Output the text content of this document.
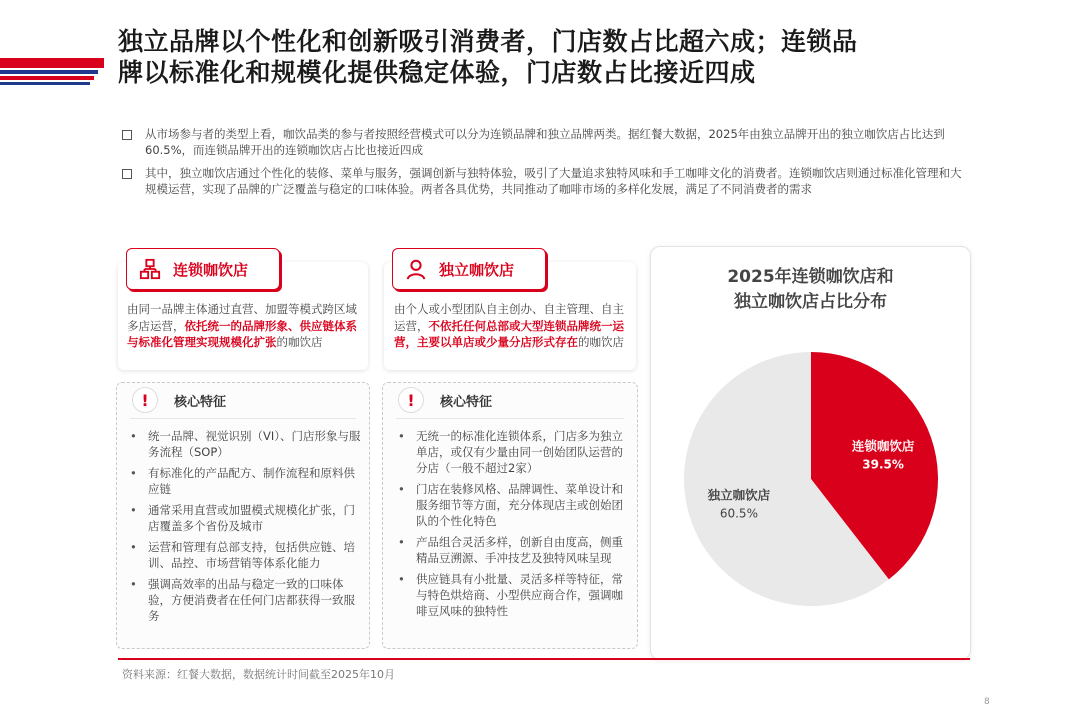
独立品牌以个性化和创新吸引消费者，门店数占比超六成；连锁品
牌以标准化和规模化提供稳定体验，门店数占比接近四成
从市场参与者的类型上看，咖饮品类的参与者按照经营模式可以分为连锁品牌和独立品牌两类。据红餐大数据，2025年由独立品牌开出的独立咖饮店占比达到60.5%，而连锁品牌开出的连锁咖饮店占比也接近四成
其中，独立咖饮店通过个性化的装修、菜单与服务，强调创新与独特体验，吸引了大量追求独特风味和手工咖啡文化的消费者。连锁咖饮店则通过标准化管理和大规模运营，实现了品牌的广泛覆盖与稳定的口味体验。两者各具优势，共同推动了咖啡市场的多样化发展，满足了不同消费者的需求
连锁咖饮店
由同一品牌主体通过直营、加盟等模式跨区域多店运营，依托统一的品牌形象、供应链体系与标准化管理实现规模化扩张的咖饮店
!	核心特征
• 统一品牌、视觉识别（VI）、门店形象与服务流程（SOP）
• 有标准化的产品配方、制作流程和原料供应链
• 通常采用直营或加盟模式规模化扩张，门店覆盖多个省份及城市
• 运营和管理有总部支持，包括供应链、培训、品控、市场营销等体系化能力
• 强调高效率的出品与稳定一致的口味体验，方便消费者在任何门店都获得一致服务
独立咖饮店
由个人或小型团队自主创办、自主管理、自主运营，不依托任何总部或大型连锁品牌统一运营，主要以单店或少量分店形式存在的咖饮店
!	核心特征
• 无统一的标准化连锁体系，门店多为独立单店，或仅有少量由同一创始团队运营的分店（一般不超过2家）
• 门店在装修风格、品牌调性、菜单设计和服务细节等方面，充分体现店主或创始团队的个性化特色
• 产品组合灵活多样，创新自由度高，侧重精品豆溯源、手冲技艺及独特风味呈现
• 供应链具有小批量、灵活多样等特征，常与特色烘焙商、小型供应商合作，强调咖啡豆风味的独特性
2025年连锁咖饮店和
独立咖饮店占比分布
连锁咖饮店
39.5%
独立咖饮店
60.5%
资料来源：红餐大数据，数据统计时间截至2025年10月
8
